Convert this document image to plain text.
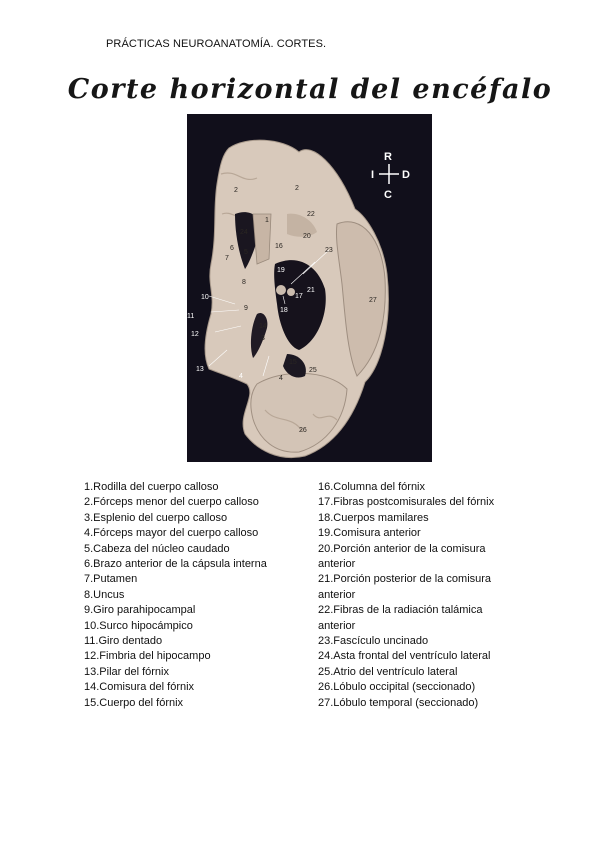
PRÁCTICAS NEUROANATOMÍA. CORTES.
Corte horizontal del encéfalo
R
I	D
C
1
2	2
3
4	4
5
6
7
8
9
10
11
12
13
14
15
16
17
18
19
20
21
22
23
24
25
26
27
1.Rodilla del cuerpo calloso
2.Fórceps menor del cuerpo calloso
3.Esplenio del cuerpo calloso
4.Fórceps mayor del cuerpo calloso
5.Cabeza del núcleo caudado
6.Brazo anterior de la cápsula interna
7.Putamen
8.Uncus
9.Giro parahipocampal
10.Surco hipocámpico
11.Giro dentado
12.Fimbria del hipocampo
13.Pilar del fórnix
14.Comisura del fórnix
15.Cuerpo del fórnix
16.Columna del fórnix
17.Fibras postcomisurales del fórnix
18.Cuerpos mamilares
19.Comisura anterior
20.Porción anterior de la comisura anterior
21.Porción posterior de la comisura anterior
22.Fibras de la radiación talámica anterior
23.Fascículo uncinado
24.Asta frontal del ventrículo lateral
25.Atrio del ventrículo lateral
26.Lóbulo occipital (seccionado)
27.Lóbulo temporal (seccionado)
